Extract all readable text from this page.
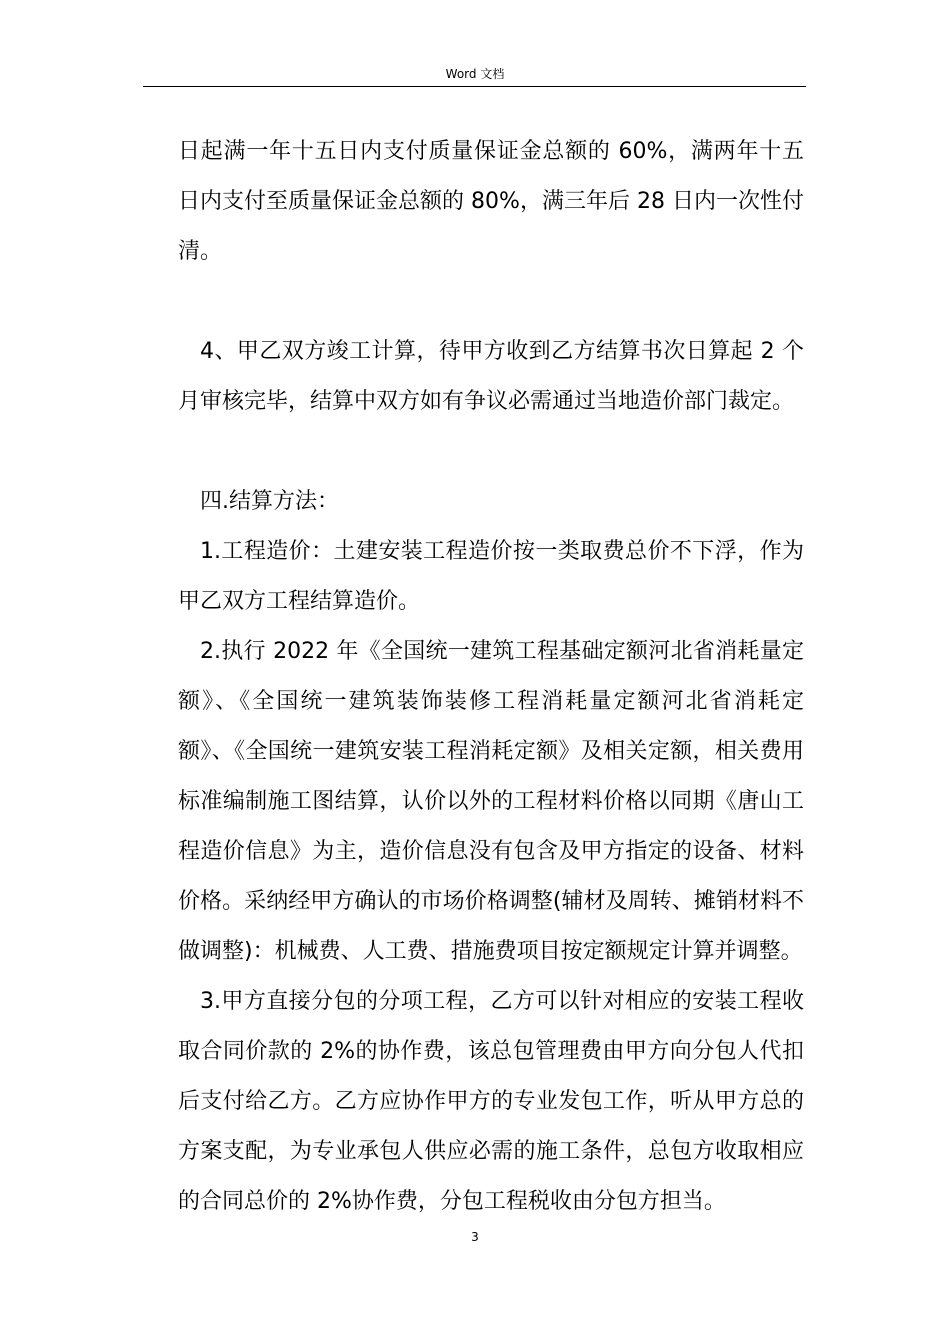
Word 文档

日起满一年十五日内支付质量保证金总额的 60%，满两年十五日内支付至质量保证金总额的 80%，满三年后 28 日内一次性付清。

4、甲乙双方竣工计算，待甲方收到乙方结算书次日算起 2 个月审核完毕，结算中双方如有争议必需通过当地造价部门裁定。

四.结算方法：

1.工程造价：土建安装工程造价按一类取费总价不下浮，作为甲乙双方工程结算造价。

2.执行 2022 年《全国统一建筑工程基础定额河北省消耗量定额》、《全国统一建筑装饰装修工程消耗量定额河北省消耗定额》、《全国统一建筑安装工程消耗定额》及相关定额，相关费用标准编制施工图结算，认价以外的工程材料价格以同期《唐山工程造价信息》为主，造价信息没有包含及甲方指定的设备、材料价格。采纳经甲方确认的市场价格调整(辅材及周转、摊销材料不做调整)：机械费、人工费、措施费项目按定额规定计算并调整。

3.甲方直接分包的分项工程，乙方可以针对相应的安装工程收取合同价款的 2%的协作费，该总包管理费由甲方向分包人代扣后支付给乙方。乙方应协作甲方的专业发包工作，听从甲方总的方案支配，为专业承包人供应必需的施工条件，总包方收取相应的合同总价的 2%协作费，分包工程税收由分包方担当。

3
